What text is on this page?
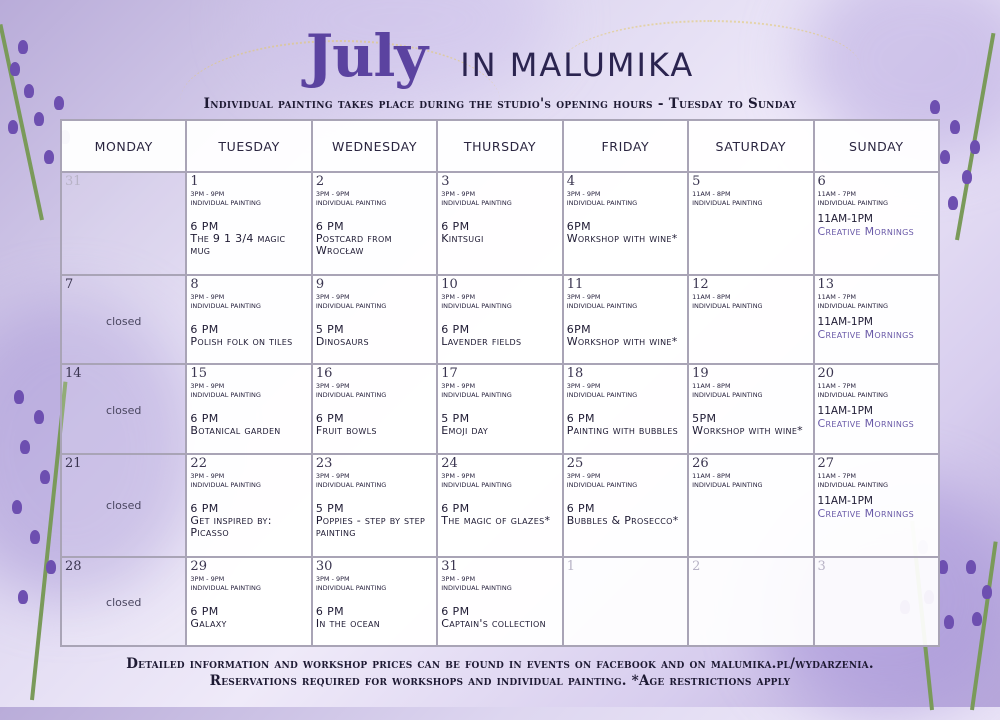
July IN MALUMIKA
Individual painting takes place during the studio's opening hours - Tuesday to Sunday
MONDAY	TUESDAY	WEDNESDAY	THURSDAY	FRIDAY	SATURDAY	SUNDAY

31	1
3PM - 9PM
INDIVIDUAL PAINTING
6 PM
The 9 1 3/4 magic mug	2
3PM - 9PM
INDIVIDUAL PAINTING
6 PM
Postcard from Wrocław	3
3PM - 9PM
INDIVIDUAL PAINTING
6 PM
Kintsugi	4
3PM - 9PM
INDIVIDUAL PAINTING
6PM
Workshop with wine*	5
11AM - 8PM
INDIVIDUAL PAINTING	6
11AM - 7PM
INDIVIDUAL PAINTING
11AM-1PM
Creative Mornings

7
closed	8
3PM - 9PM
INDIVIDUAL PAINTING
6 PM
Polish folk on tiles	9
3PM - 9PM
INDIVIDUAL PAINTING
5 PM
Dinosaurs	10
3PM - 9PM
INDIVIDUAL PAINTING
6 PM
Lavender fields	11
3PM - 9PM
INDIVIDUAL PAINTING
6PM
Workshop with wine*	12
11AM - 8PM
INDIVIDUAL PAINTING	13
11AM - 7PM
INDIVIDUAL PAINTING
11AM-1PM
Creative Mornings

14
closed	15
3PM - 9PM
INDIVIDUAL PAINTING
6 PM
Botanical garden	16
3PM - 9PM
INDIVIDUAL PAINTING
6 PM
Fruit bowls	17
3PM - 9PM
INDIVIDUAL PAINTING
5 PM
Emoji day	18
3PM - 9PM
INDIVIDUAL PAINTING
6 PM
Painting with bubbles	19
11AM - 8PM
INDIVIDUAL PAINTING
5PM
Workshop with wine*	20
11AM - 7PM
INDIVIDUAL PAINTING
11AM-1PM
Creative Mornings

21
closed	22
3PM - 9PM
INDIVIDUAL PAINTING
6 PM
Get inspired by: Picasso	23
3PM - 9PM
INDIVIDUAL PAINTING
5 PM
Poppies - step by step painting	24
3PM - 9PM
INDIVIDUAL PAINTING
6 PM
The magic of glazes*	25
3PM - 9PM
INDIVIDUAL PAINTING
6 PM
Bubbles & Prosecco*	26
11AM - 8PM
INDIVIDUAL PAINTING	27
11AM - 7PM
INDIVIDUAL PAINTING
11AM-1PM
Creative Mornings

28
closed	29
3PM - 9PM
INDIVIDUAL PAINTING
6 PM
Galaxy	30
3PM - 9PM
INDIVIDUAL PAINTING
6 PM
In the ocean	31
3PM - 9PM
INDIVIDUAL PAINTING
6 PM
Captain's collection	1	2	3
Detailed information and workshop prices can be found in events on facebook and on malumika.pl/wydarzenia.
Reservations required for workshops and individual painting. *Age restrictions apply
